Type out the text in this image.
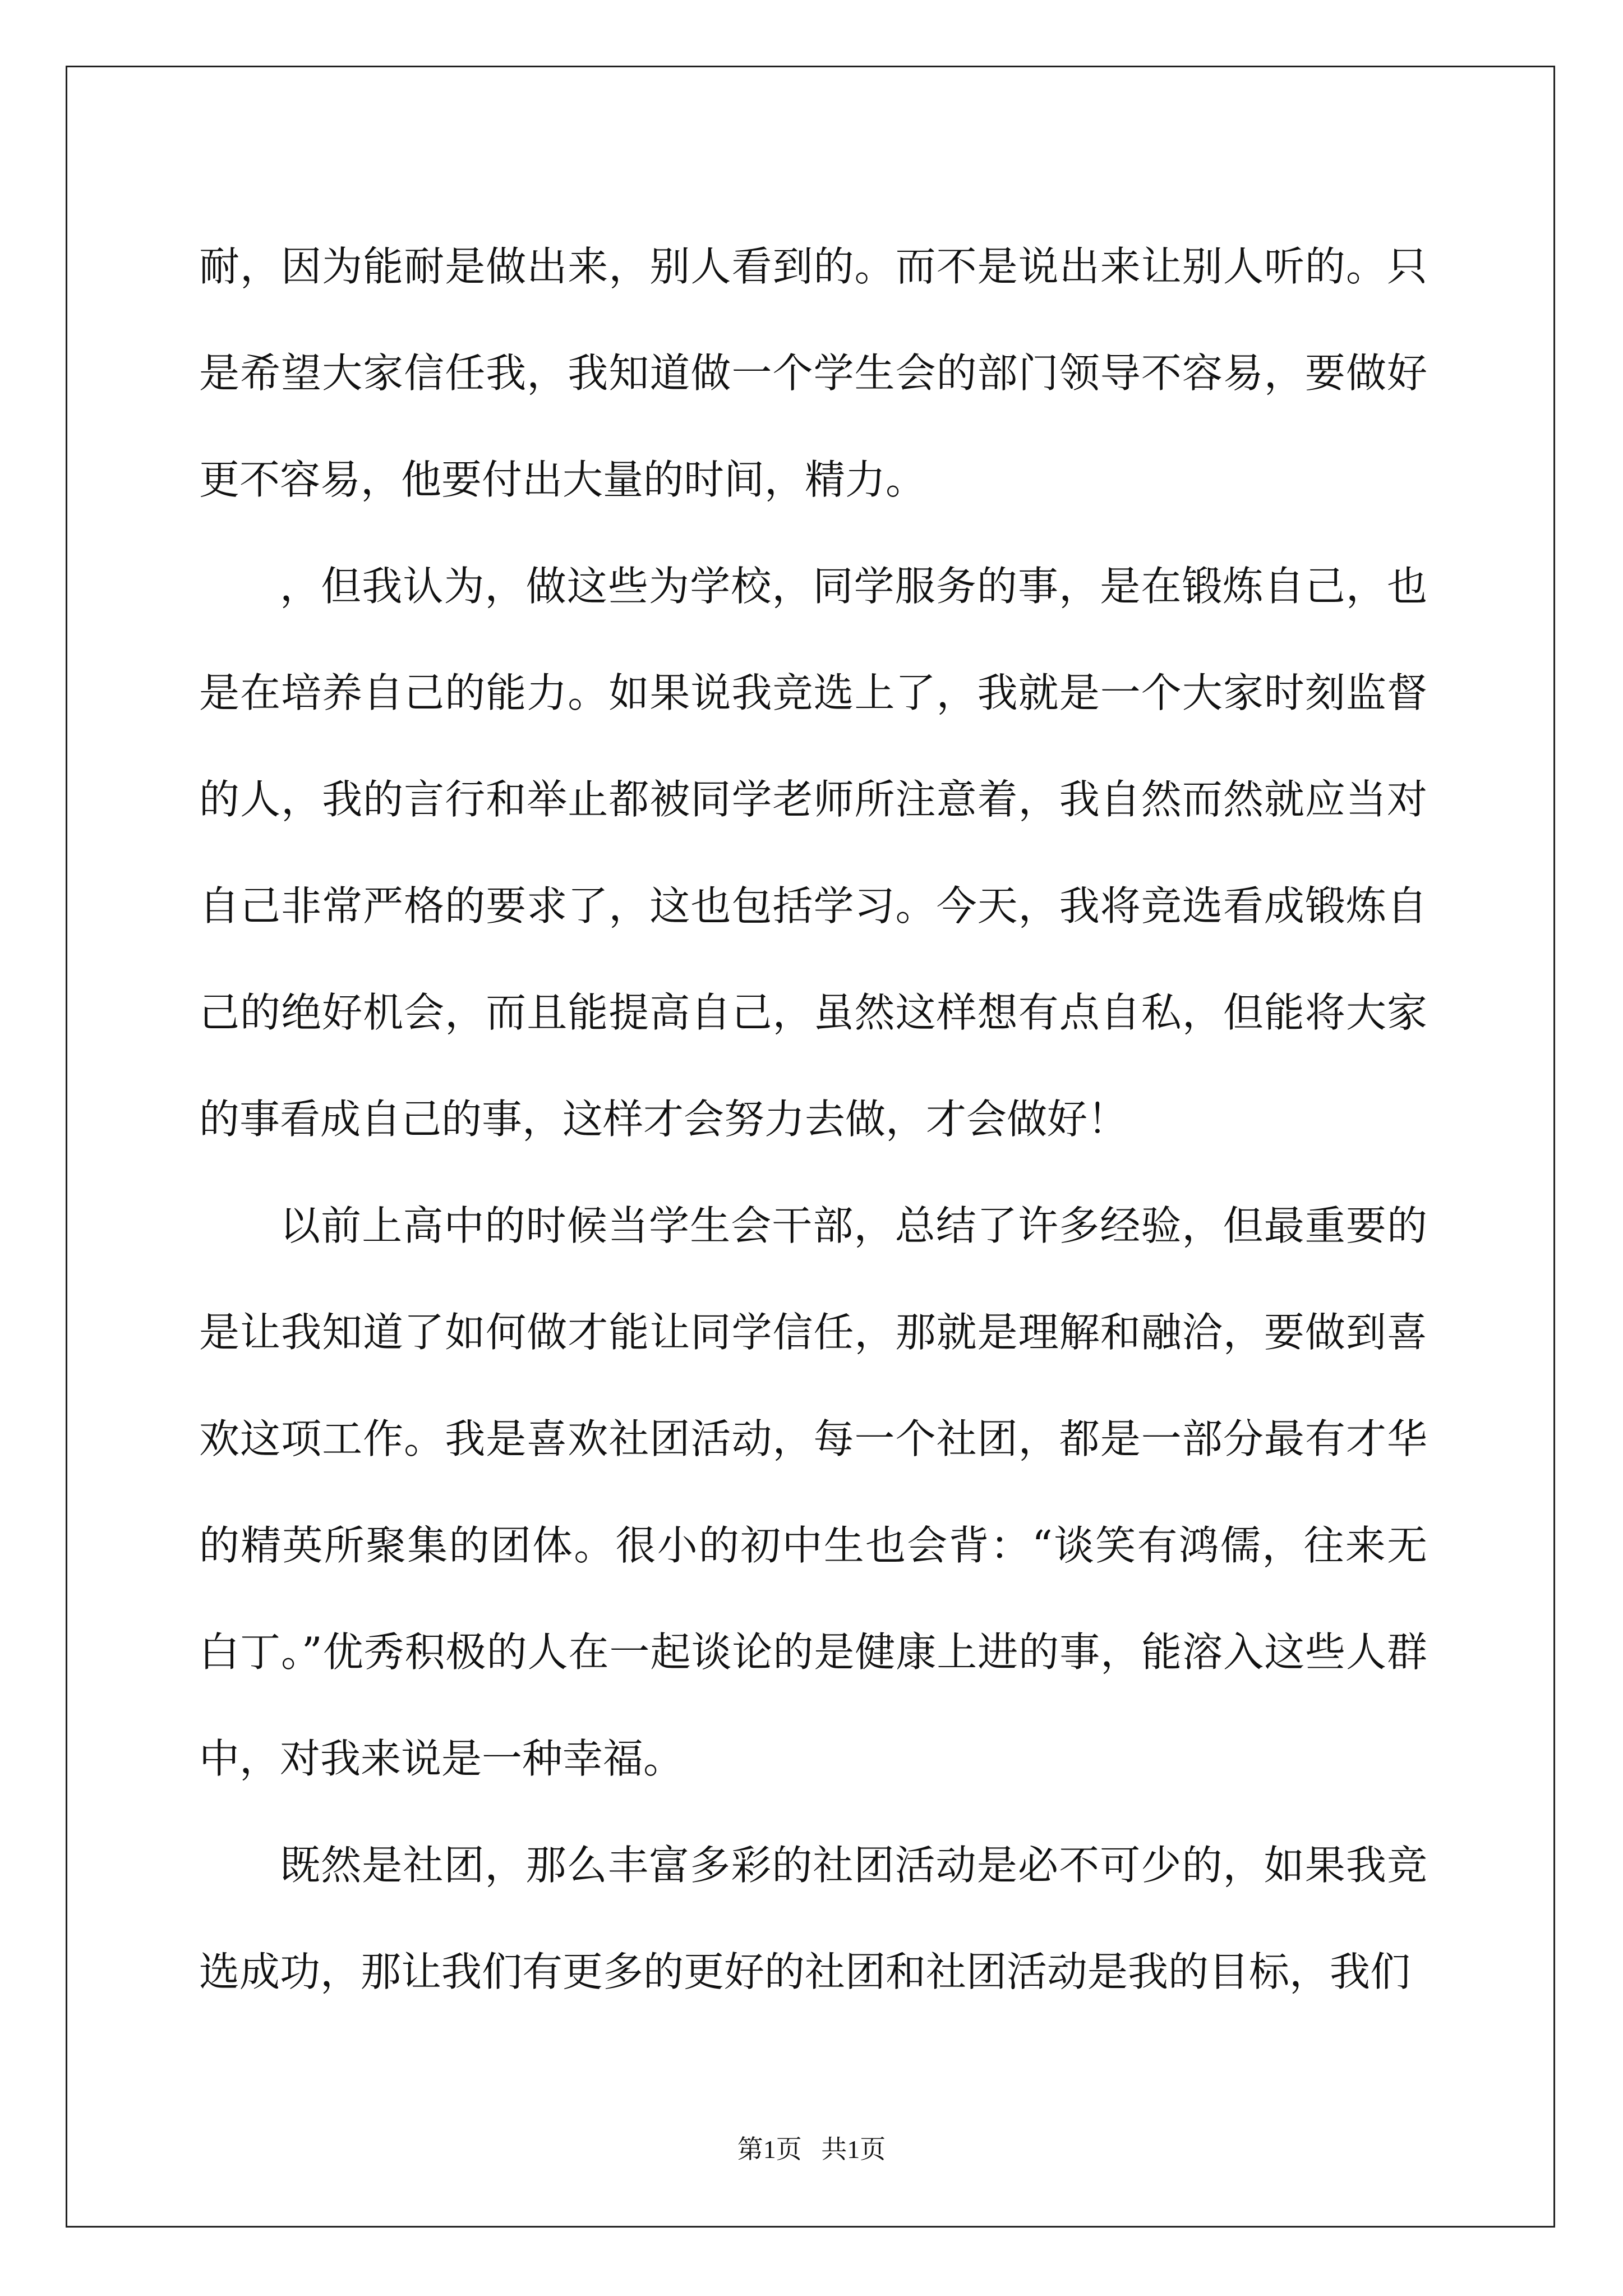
耐，因为能耐是做出来，别人看到的。而不是说出来让别人听的。只是希望大家信任我，我知道做一个学生会的部门领导不容易，要做好更不容易，他要付出大量的时间，精力。

，但我认为，做这些为学校，同学服务的事，是在锻炼自己，也是在培养自己的能力。如果说我竞选上了，我就是一个大家时刻监督的人，我的言行和举止都被同学老师所注意着，我自然而然就应当对自己非常严格的要求了，这也包括学习。今天，我将竞选看成锻炼自己的绝好机会，而且能提高自己，虽然这样想有点自私，但能将大家的事看成自己的事，这样才会努力去做，才会做好！

以前上高中的时候当学生会干部，总结了许多经验，但最重要的是让我知道了如何做才能让同学信任，那就是理解和融洽，要做到喜欢这项工作。我是喜欢社团活动，每一个社团，都是一部分最有才华的精英所聚集的团体。很小的初中生也会背：“谈笑有鸿儒，往来无白丁。”优秀积极的人在一起谈论的是健康上进的事，能溶入这些人群中，对我来说是一种幸福。

既然是社团，那么丰富多彩的社团活动是必不可少的，如果我竞选成功，那让我们有更多的更好的社团和社团活动是我的目标，我们

第1页   共1页
